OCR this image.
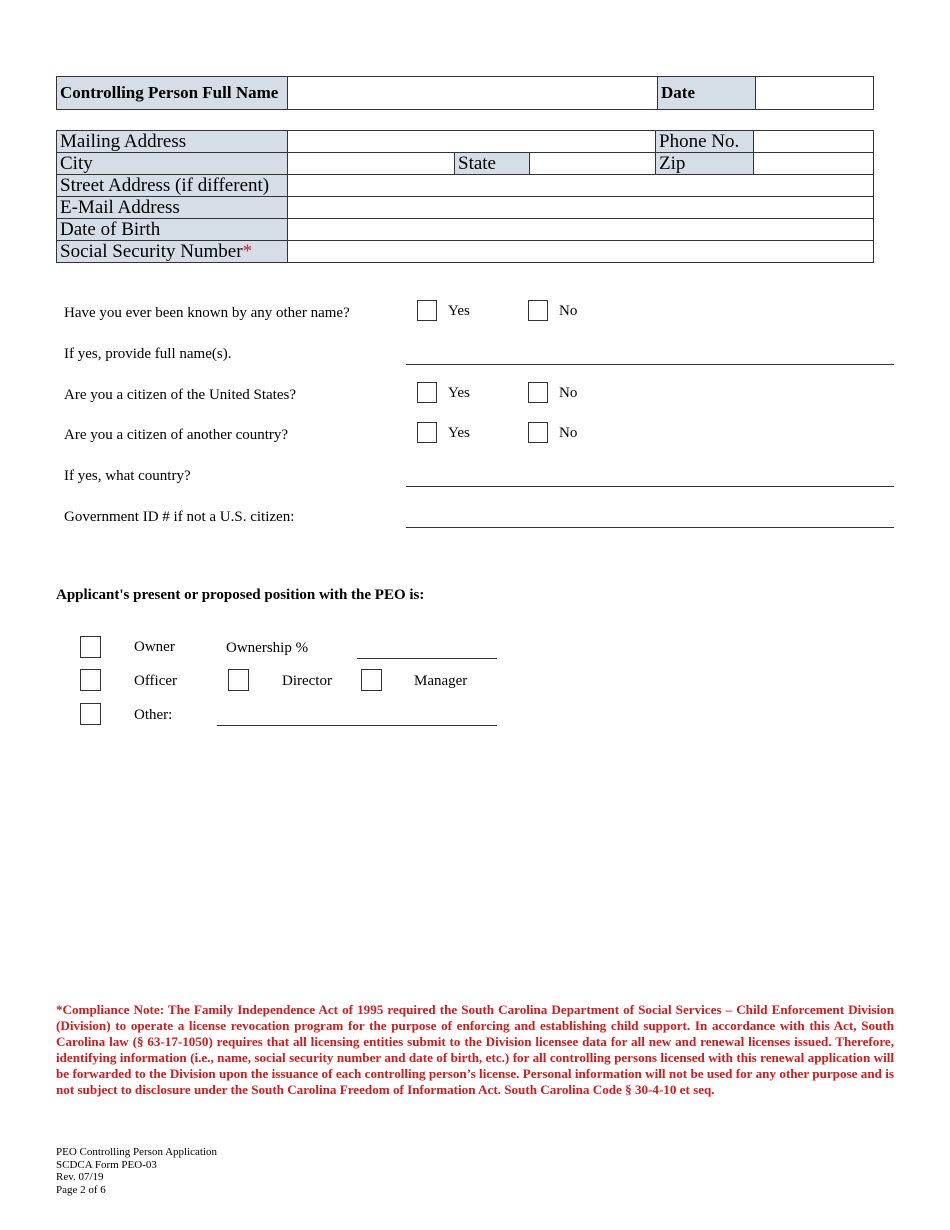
Controlling Person Full Name		Date	
Mailing Address				Phone No.	
City		State		Zip	
Street Address (if different)					
E-Mail Address					
Date of Birth					
Social Security Number*					
Have you ever been known by any other name?	Yes	No
If yes, provide full name(s).
Are you a citizen of the United States?	Yes	No
Are you a citizen of another country?	Yes	No
If yes, what country?
Government ID # if not a U.S. citizen:
Applicant's present or proposed position with the PEO is:
Owner	Ownership %
Officer	Director	Manager
Other:
*Compliance Note: The Family Independence Act of 1995 required the South Carolina Department of Social Services – Child Enforcement Division (Division) to operate a license revocation program for the purpose of enforcing and establishing child support. In accordance with this Act, South Carolina law (§ 63-17-1050) requires that all licensing entities submit to the Division licensee data for all new and renewal licenses issued. Therefore, identifying information (i.e., name, social security number and date of birth, etc.) for all controlling persons licensed with this renewal application will be forwarded to the Division upon the issuance of each controlling person’s license. Personal information will not be used for any other purpose and is not subject to disclosure under the South Carolina Freedom of Information Act. South Carolina Code § 30-4-10 et seq.
PEO Controlling Person Application
SCDCA Form PEO-03
Rev. 07/19
Page 2 of 6
